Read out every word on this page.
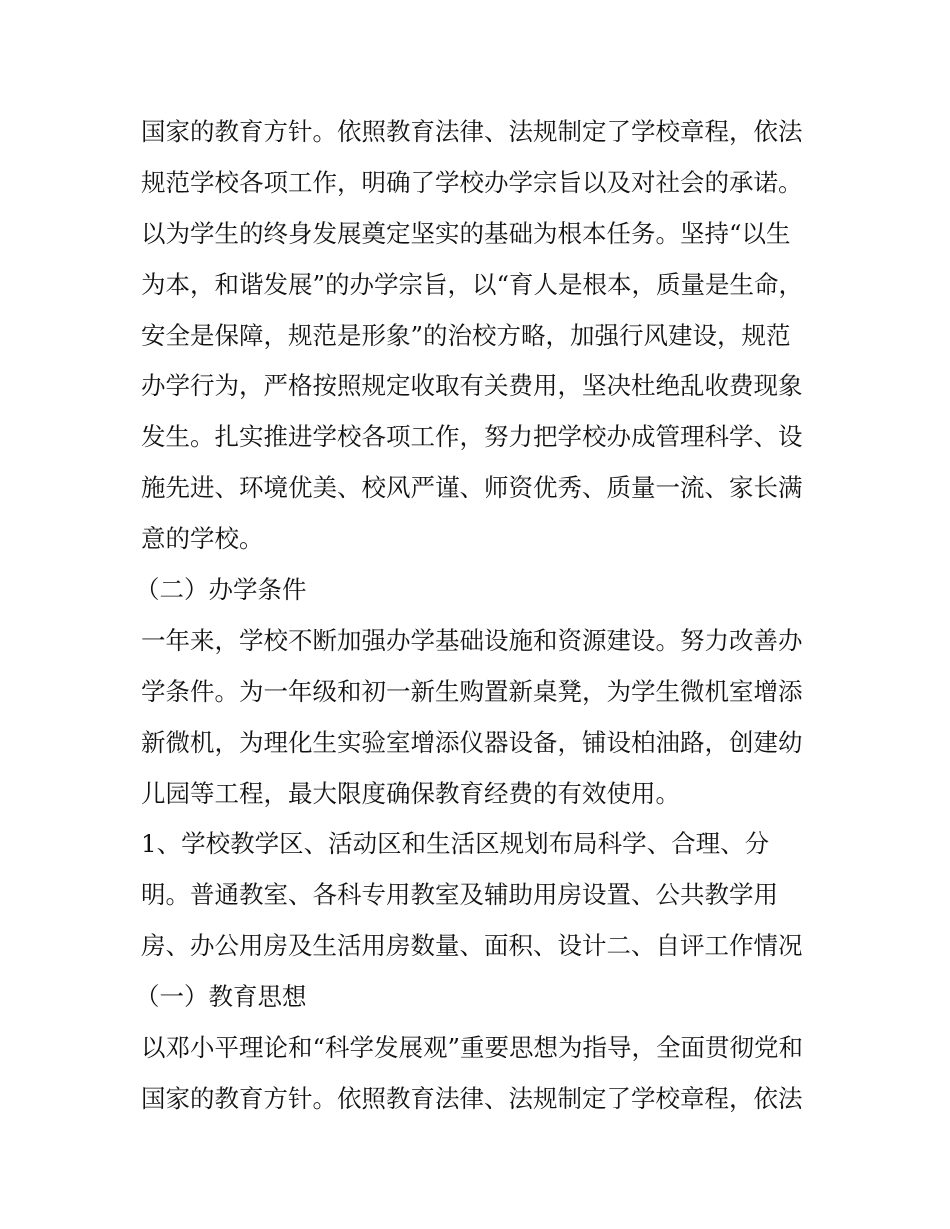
国家的教育方针。依照教育法律、法规制定了学校章程，依法
规范学校各项工作，明确了学校办学宗旨以及对社会的承诺。
以为学生的终身发展奠定坚实的基础为根本任务。坚持“以生
为本，和谐发展”的办学宗旨，以“育人是根本，质量是生命，
安全是保障，规范是形象”的治校方略，加强行风建设，规范
办学行为，严格按照规定收取有关费用，坚决杜绝乱收费现象
发生。扎实推进学校各项工作，努力把学校办成管理科学、设
施先进、环境优美、校风严谨、师资优秀、质量一流、家长满
意的学校。
（二）办学条件
一年来，学校不断加强办学基础设施和资源建设。努力改善办
学条件。为一年级和初一新生购置新桌凳，为学生微机室增添
新微机，为理化生实验室增添仪器设备，铺设柏油路，创建幼
儿园等工程，最大限度确保教育经费的有效使用。
1、学校教学区、活动区和生活区规划布局科学、合理、分
明。普通教室、各科专用教室及辅助用房设置、公共教学用
房、办公用房及生活用房数量、面积、设计二、自评工作情况
（一）教育思想
以邓小平理论和“科学发展观”重要思想为指导，全面贯彻党和
国家的教育方针。依照教育法律、法规制定了学校章程，依法
